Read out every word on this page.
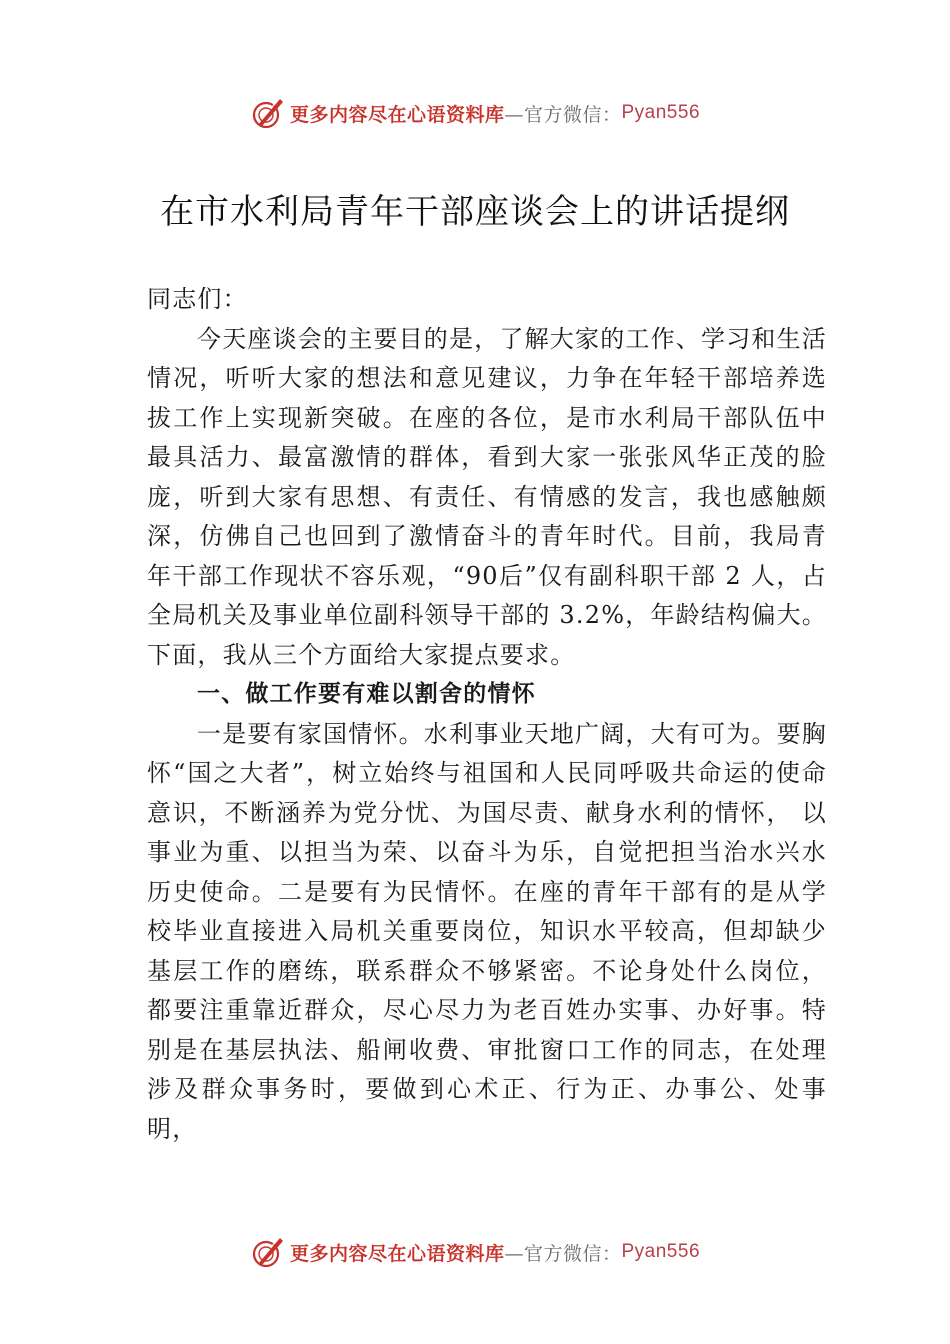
更多内容尽在心语资料库 —官方微信： Pyan556
在市水利局青年干部座谈会上的讲话提纲

同志们：

今天座谈会的主要目的是，了解大家的工作、学习和生活情况，听听大家的想法和意见建议，力争在年轻干部培养选拔工作上实现新突破。在座的各位，是市水利局干部队伍中最具活力、最富激情的群体，看到大家一张张风华正茂的脸庞，听到大家有思想、有责任、有情感的发言，我也感触颇深，仿佛自己也回到了激情奋斗的青年时代。目前，我局青年干部工作现状不容乐观，“90后”仅有副科职干部 2 人，占全局机关及事业单位副科领导干部的 3.2%，年龄结构偏大。下面，我从三个方面给大家提点要求。

一、做工作要有难以割舍的情怀

一是要有家国情怀。水利事业天地广阔，大有可为。要胸怀“国之大者”，树立始终与祖国和人民同呼吸共命运的使命意识，不断涵养为党分忧、为国尽责、献身水利的情怀， 以事业为重、以担当为荣、以奋斗为乐，自觉把担当治水兴水历史使命。二是要有为民情怀。在座的青年干部有的是从学校毕业直接进入局机关重要岗位，知识水平较高，但却缺少基层工作的磨练，联系群众不够紧密。不论身处什么岗位， 都要注重靠近群众，尽心尽力为老百姓办实事、办好事。特别是在基层执法、船闸收费、审批窗口工作的同志，在处理涉及群众事务时，要做到心术正、行为正、办事公、处事明，

更多内容尽在心语资料库 —官方微信： Pyan556
